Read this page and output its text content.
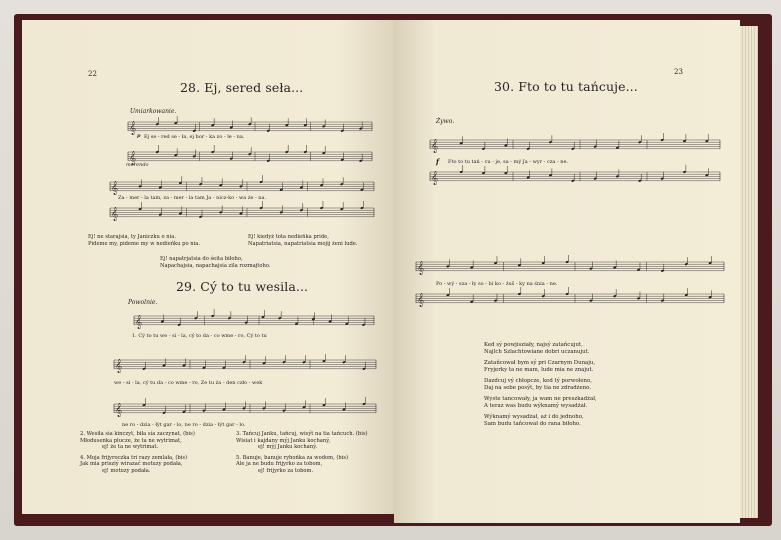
22
28. Ej, sered seła...
Umiarkowanie.
𝄞
𝄞
p Ej se - red se - ła, ej hor - ka zo - le - na.
morendo
𝄞
𝄞
Za - mer - la tam, za - mer - la tam Ja - nicz-ko - wa że - na.
Ej! ne starajsia, ty Janiczku o nia.
Pideme my, pideme my w nedieńku po nia.
Ej! kiedyż tota nedieńka pride,
Napatriatsia, napatriatsia mojij żeni lude.
Ej! napatrjatsia do śeita biłoho,
Napachajsia, napachajsia zila rozmajtoho.
29. Cý to tu wesila...
Powolnie.
𝄞
1. Cý to tu we - si - la, cý to da - co wme - ro, Cý to tu
𝄞
we - si - la, cý tu da - co wme - ro, Ze tu ża - den czło - wek
𝄞
ne ro - dzia - łýt gar - lo, ne ro - dzia - łýt gar - lo.
2. Wesiła sia kinczyt, biła sia zaczynat, (bis)
Młodusenka plucze, że ta ne wytrimat,
ej! że ta ne wytrimat.
4. Moja frijyroczka tri razy zemlała, (bis)
Jak mia prisziý wirazać motuzy podała,
ej! motuzy podała.
3. Tańcuj Janku, tańcuj, wisýt na tia tańcuch. (bis)
Wisiat i kajdany mýj Janku kochaný,
ej! mýj Janku kochaný.
5. Banuje, banuje rybońka za wodom, (bis)
Ale ja ne budu frijyrko za tobom,
ej! frijyrko za tobom.
23
30. Fto to tu tańcuje...
Żywo.
𝄞
𝄞
f Fto to tu tań - cu - je, sa - mý Ja - wyr - cza - ne.
𝄞
𝄞
Po - wý - sza - ły so - bi ko - żuš - ky na śnia - ne.
Ked sý powjisziały, najsý zatańcujut,
Najlch Szlachtowiane dobri uczanujut.
Zatańcował bym sý pri Czarnym Dunaju,
Fryjerky ta ne mam, lude mia ne znajut.
Dazdcuj vý chłopcze, ked tý porwołeno,
Daj na sebe posýt, by tia ne zdradżeno.
Wyste tancowały, ja wam ne preszkadżał,
A teraz was budu wýknamý wysadżał.
Wýknamý wysadżał, aż i do jednoho,
Sam budu tańcował do rana biłoho.
